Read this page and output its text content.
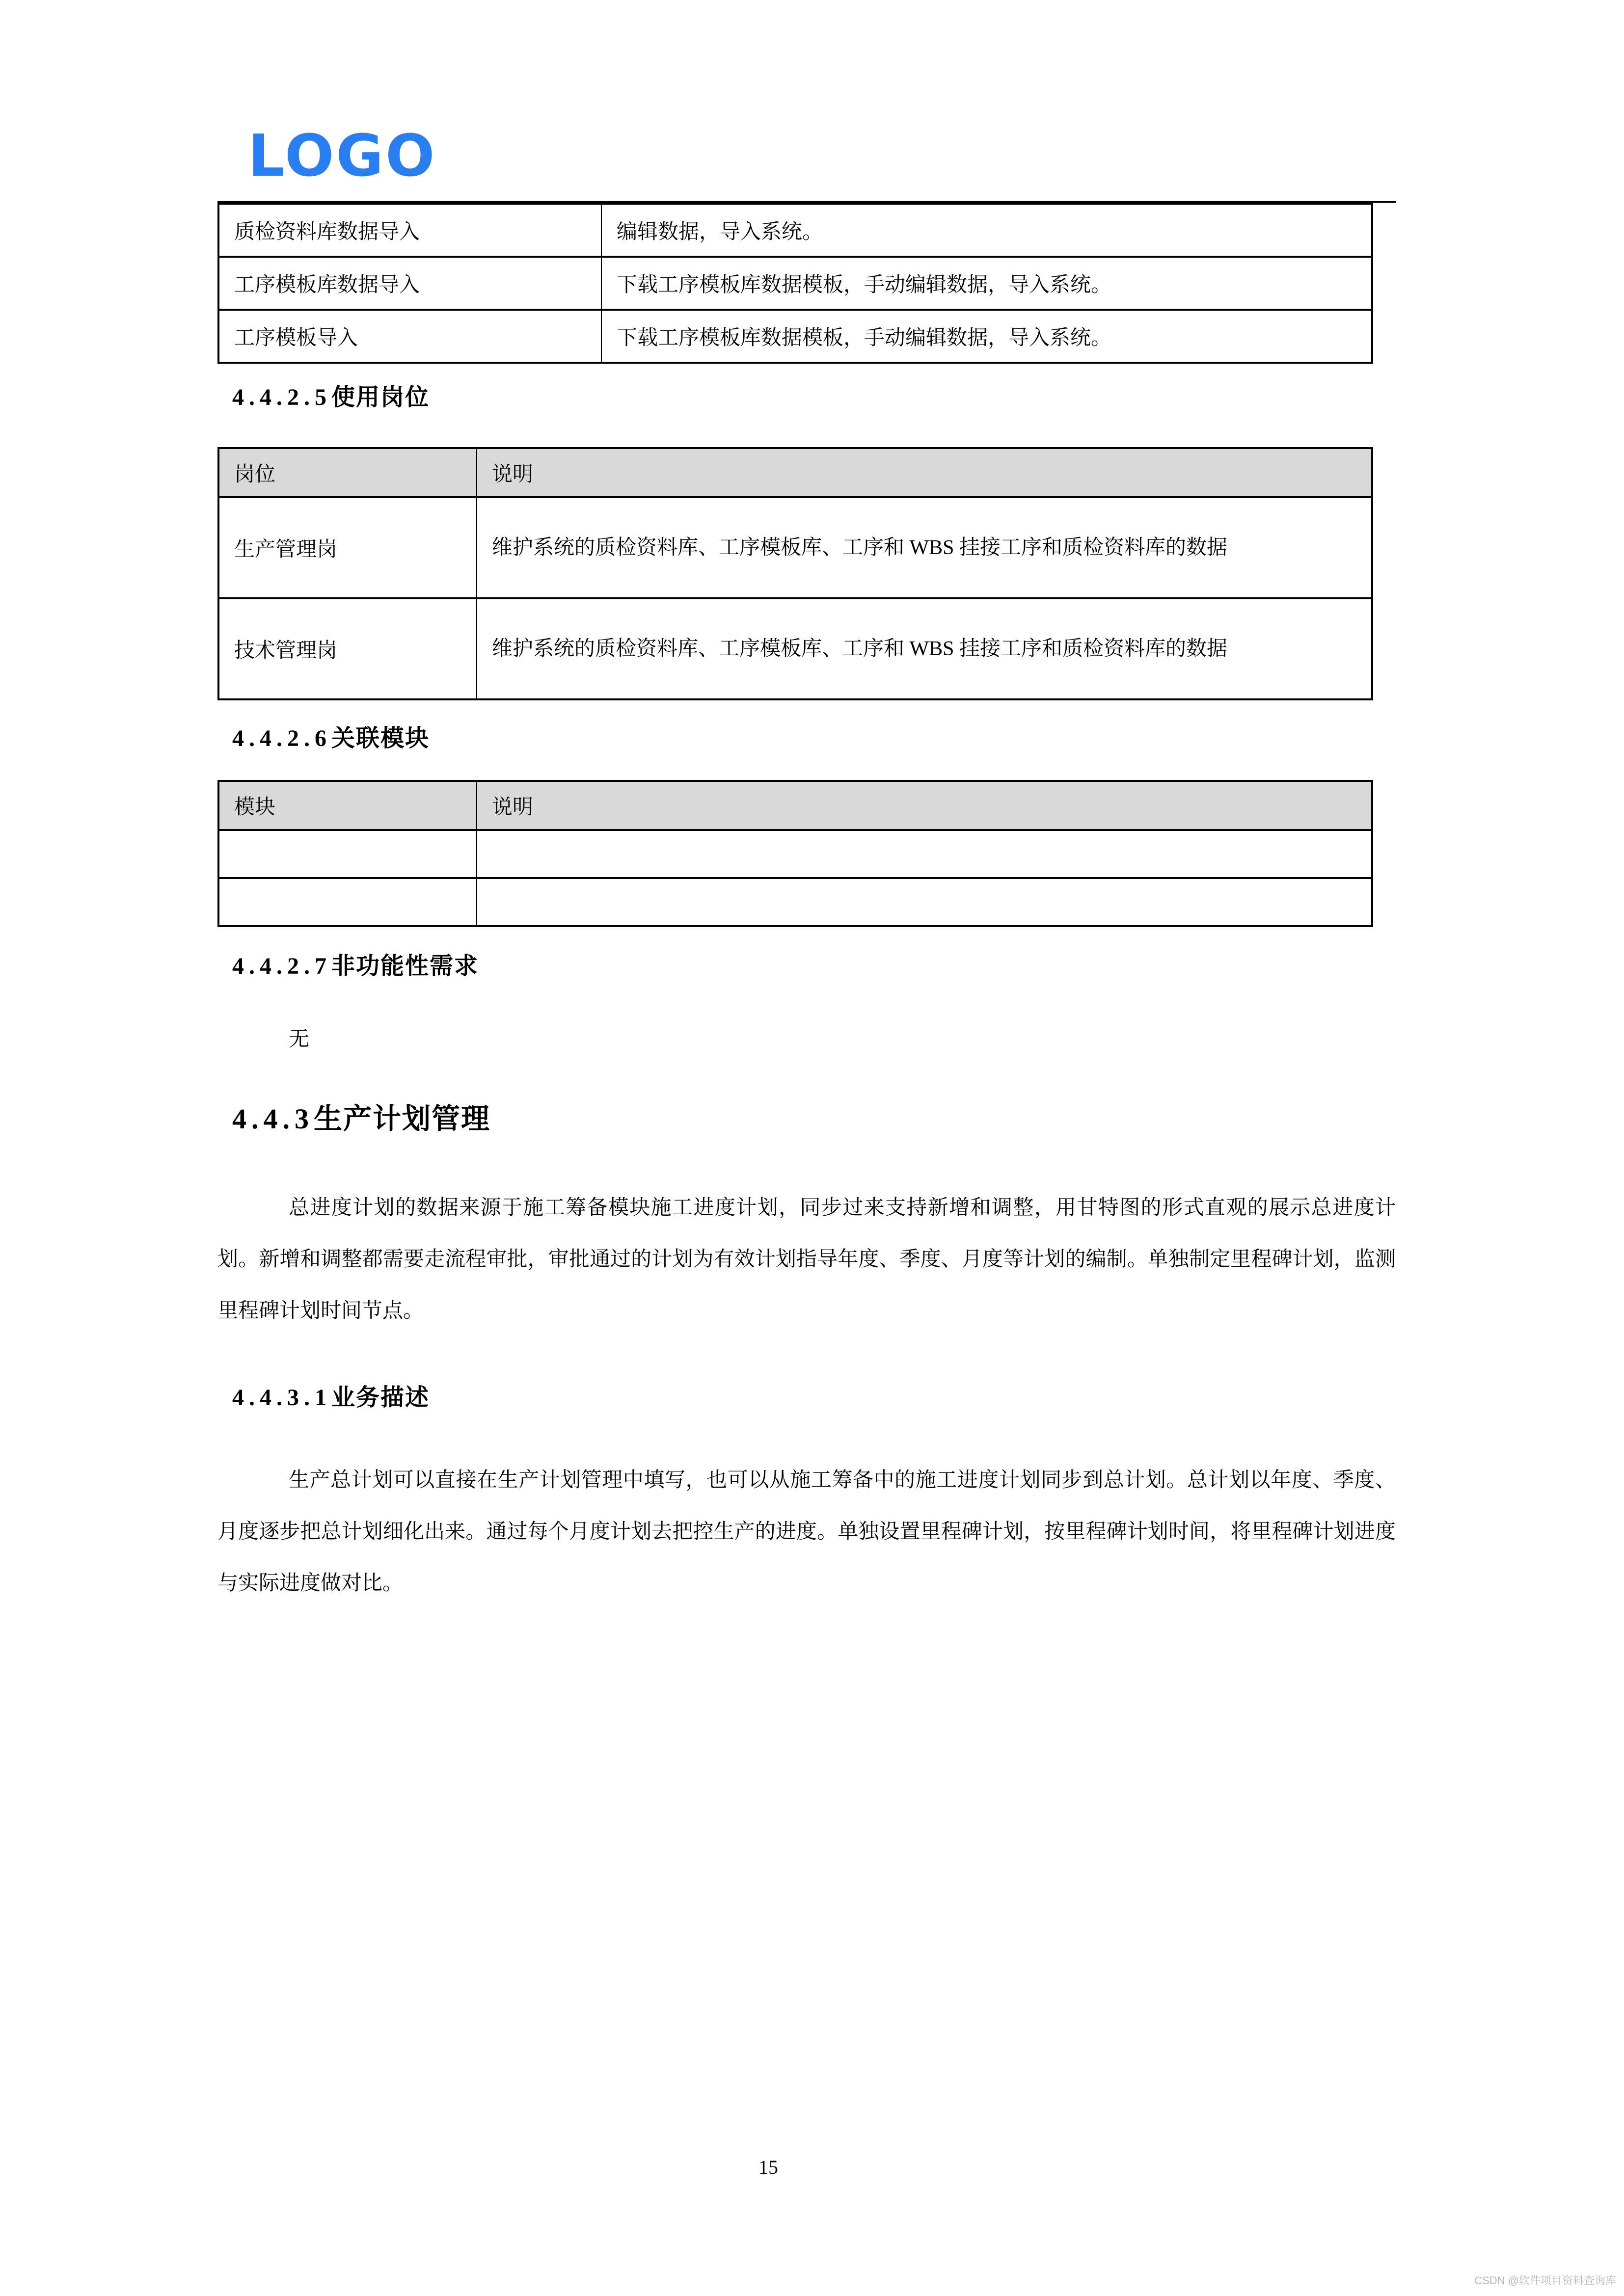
LOGO
质检资料库数据导入	编辑数据，导入系统。
工序模板库数据导入	下载工序模板库数据模板，手动编辑数据，导入系统。
工序模板导入	下载工序模板库数据模板，手动编辑数据，导入系统。
4.4.2.5使用岗位
岗位	说明
生产管理岗	维护系统的质检资料库、工序模板库、工序和 WBS 挂接工序和质检资料库的数据
技术管理岗	维护系统的质检资料库、工序模板库、工序和 WBS 挂接工序和质检资料库的数据
4.4.2.6关联模块
模块	说明

4.4.2.7非功能性需求

无

4.4.3生产计划管理

总进度计划的数据来源于施工筹备模块施工进度计划，同步过来支持新增和调整，用甘特图的形式直观的展示总进度计划。新增和调整都需要走流程审批，审批通过的计划为有效计划指导年度、季度、月度等计划的编制。单独制定里程碑计划，监测里程碑计划时间节点。

4.4.3.1业务描述

生产总计划可以直接在生产计划管理中填写，也可以从施工筹备中的施工进度计划同步到总计划。总计划以年度、季度、月度逐步把总计划细化出来。通过每个月度计划去把控生产的进度。单独设置里程碑计划，按里程碑计划时间，将里程碑计划进度与实际进度做对比。

15
CSDN @软件项目资料查询库
